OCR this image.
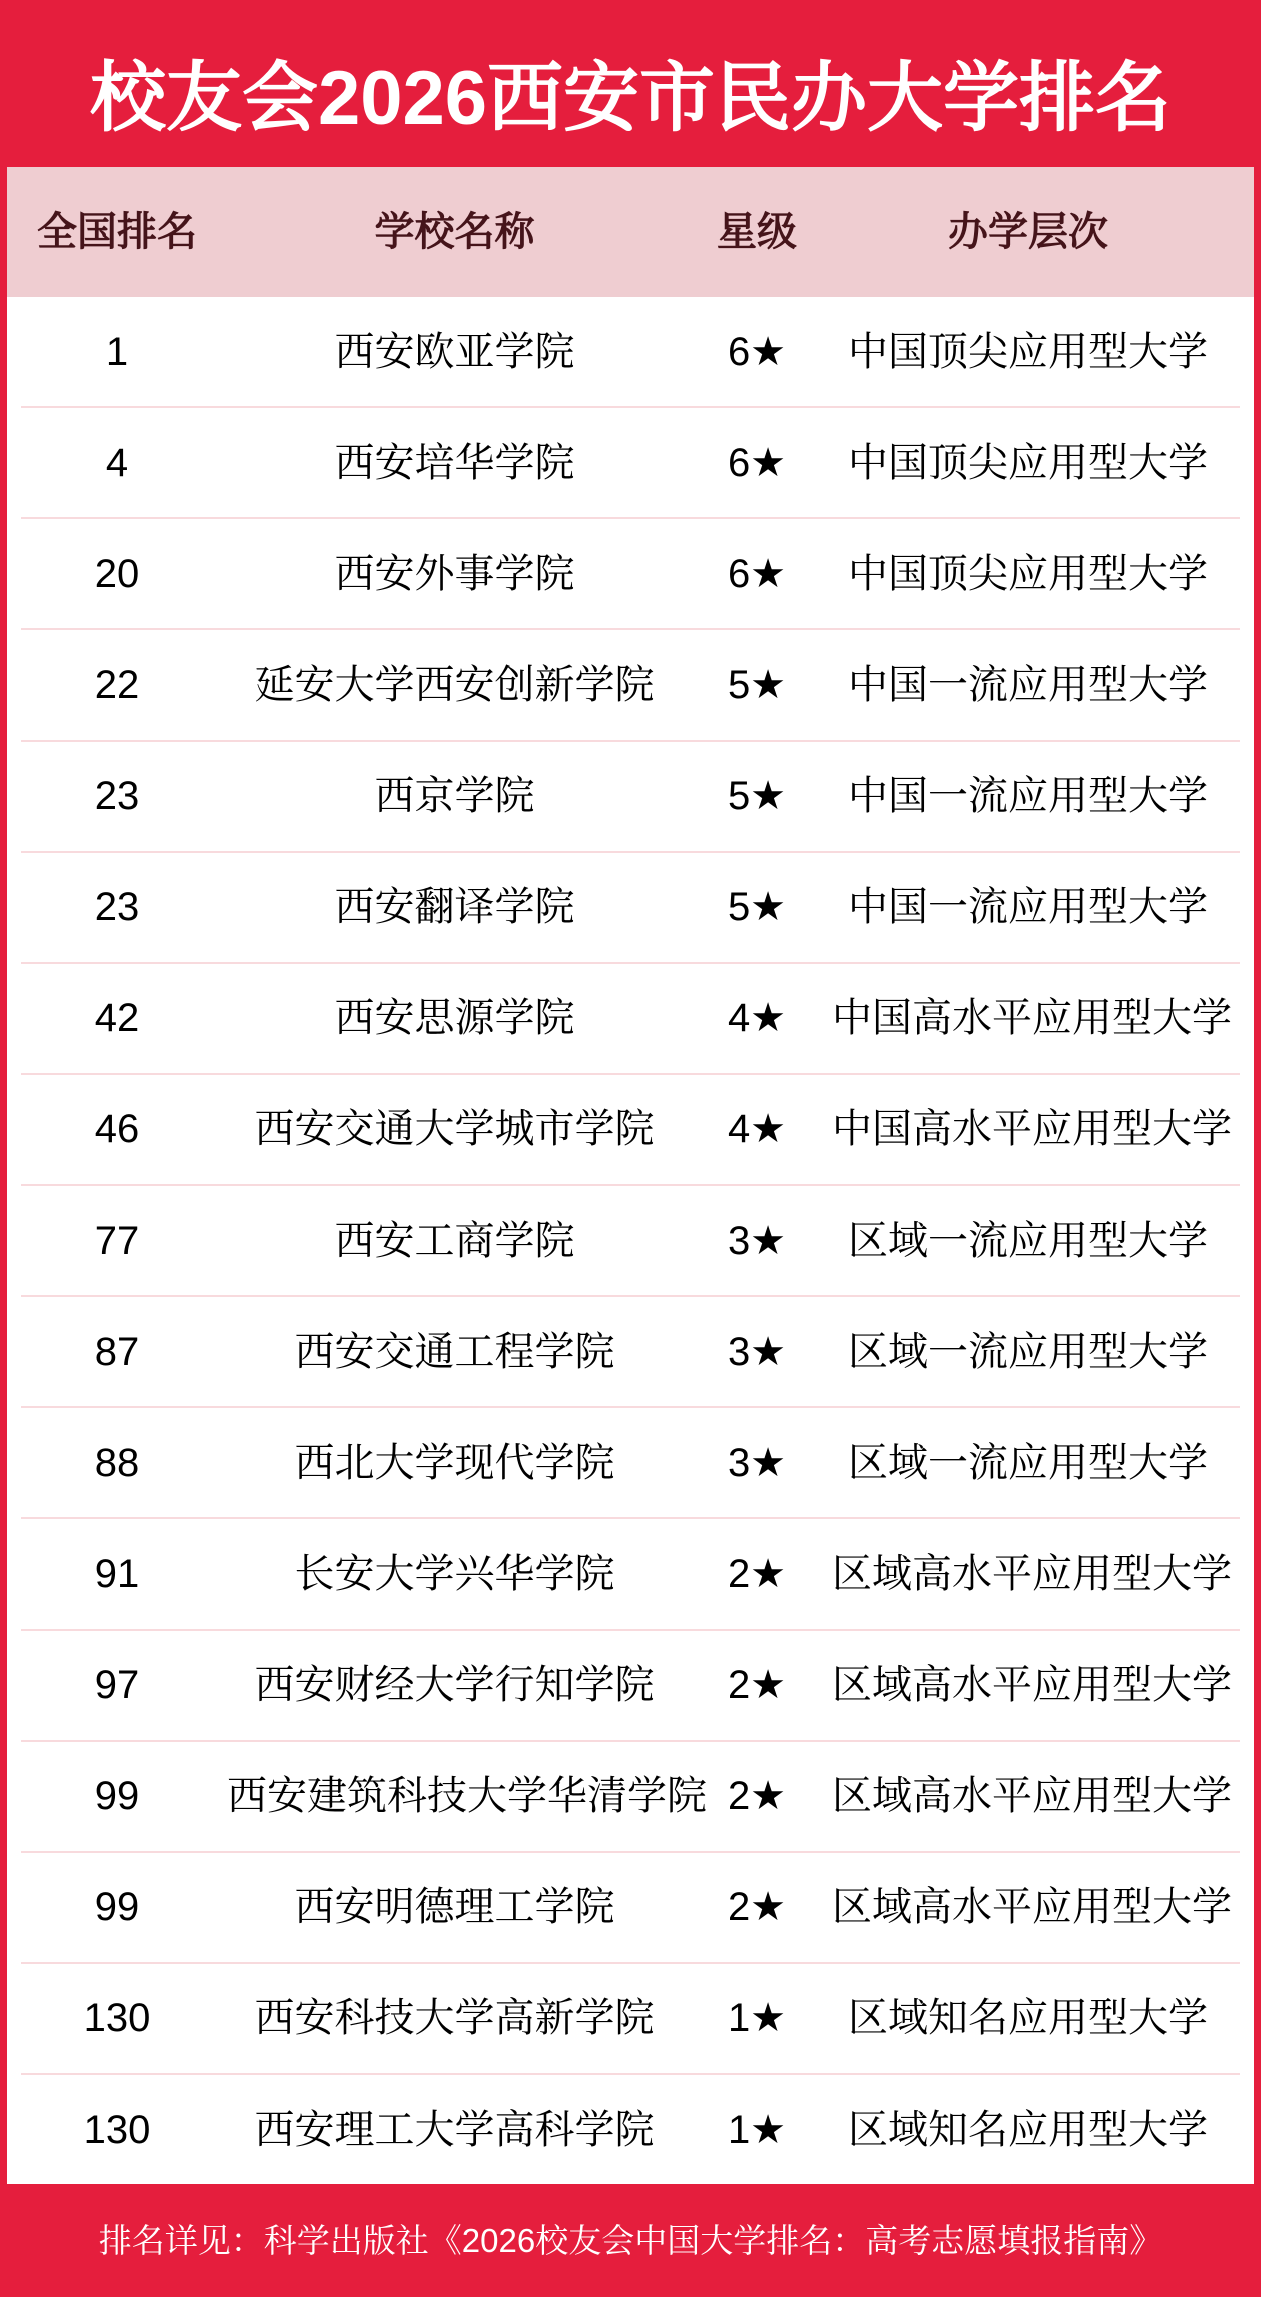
校友会2026西安市民办大学排名
全国排名	学校名称	星级	办学层次
1	西安欧亚学院	6★	中国顶尖应用型大学
4	西安培华学院	6★	中国顶尖应用型大学
20	西安外事学院	6★	中国顶尖应用型大学
22	延安大学西安创新学院	5★	中国一流应用型大学
23	西京学院	5★	中国一流应用型大学
23	西安翻译学院	5★	中国一流应用型大学
42	西安思源学院	4★	中国高水平应用型大学
46	西安交通大学城市学院	4★	中国高水平应用型大学
77	西安工商学院	3★	区域一流应用型大学
87	西安交通工程学院	3★	区域一流应用型大学
88	西北大学现代学院	3★	区域一流应用型大学
91	长安大学兴华学院	2★	区域高水平应用型大学
97	西安财经大学行知学院	2★	区域高水平应用型大学
99	西安建筑科技大学华清学院 2★	区域高水平应用型大学
99	西安明德理工学院	2★	区域高水平应用型大学
130	西安科技大学高新学院	1★	区域知名应用型大学
130	西安理工大学高科学院	1★	区域知名应用型大学
排名详见：科学出版社《2026校友会中国大学排名：高考志愿填报指南》
